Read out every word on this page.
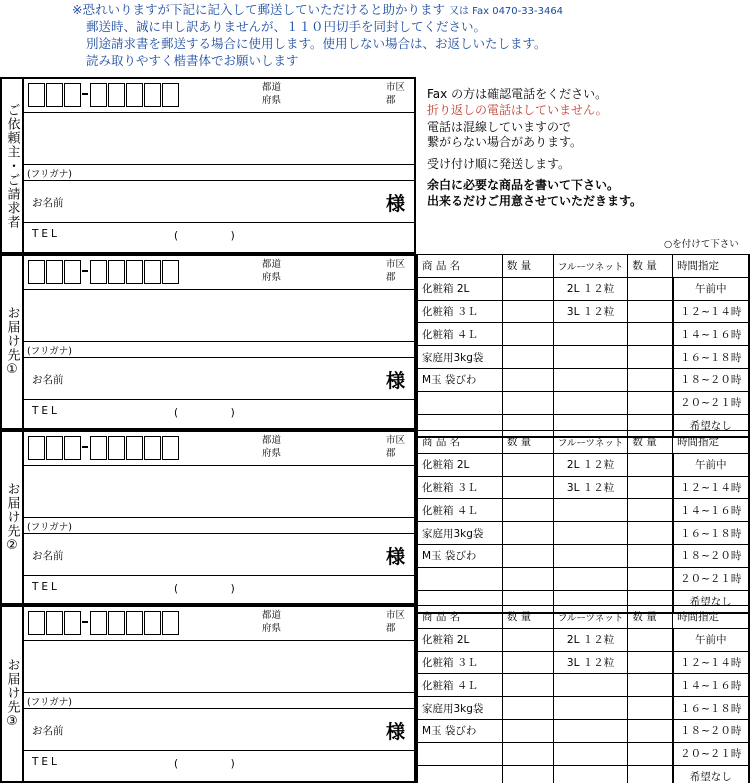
※恐れいりますが下記に記入して郵送していただけると助かります 又は Fax 0470-33-3464
郵送時、誠に申し訳ありませんが、１１０円切手を同封してください。
別途請求書を郵送する場合に使用します。使用しない場合は、お返しいたします。
読み取りやすく楷書体でお願いします
ご依頼主・ご請求者
都道
府県
市区
郡
(フリガナ)
お名前	様
TEL	(　　　　　)
お届け先①
都道
府県
市区
郡
(フリガナ)
お名前	様
TEL	(　　　　　)
商 品 名	数 量	フルーツネット	数 量	時間指定
化粧箱 2L		2L １２粒		午前中
化粧箱 ３Ｌ		3L １２粒		１２~１４時
化粧箱 ４Ｌ				１４~１６時
家庭用3kg袋				１６~１８時
M玉 袋びわ				１８~２０時
				２０~２１時
				希望なし
お届け先②
都道
府県
市区
郡
(フリガナ)
お名前	様
TEL	(　　　　　)
商 品 名	数 量	フルーツネット	数 量	時間指定
化粧箱 2L		2L １２粒		午前中
化粧箱 ３Ｌ		3L １２粒		１２~１４時
化粧箱 ４Ｌ				１４~１６時
家庭用3kg袋				１６~１８時
M玉 袋びわ				１８~２０時
				２０~２１時
				希望なし
お届け先③
都道
府県
市区
郡
(フリガナ)
お名前	様
TEL	(　　　　　)
商 品 名	数 量	フルーツネット	数 量	時間指定
化粧箱 2L		2L １２粒		午前中
化粧箱 ３Ｌ		3L １２粒		１２~１４時
化粧箱 ４Ｌ				１４~１６時
家庭用3kg袋				１６~１８時
M玉 袋びわ				１８~２０時
				２０~２１時
				希望なし
Fax の方は確認電話をください。
折り返しの電話はしていません。
電話は混線していますので
繋がらない場合があります。
受け付け順に発送します。
余白に必要な商品を書いて下さい。
出来るだけご用意させていただきます。
○を付けて下さい
